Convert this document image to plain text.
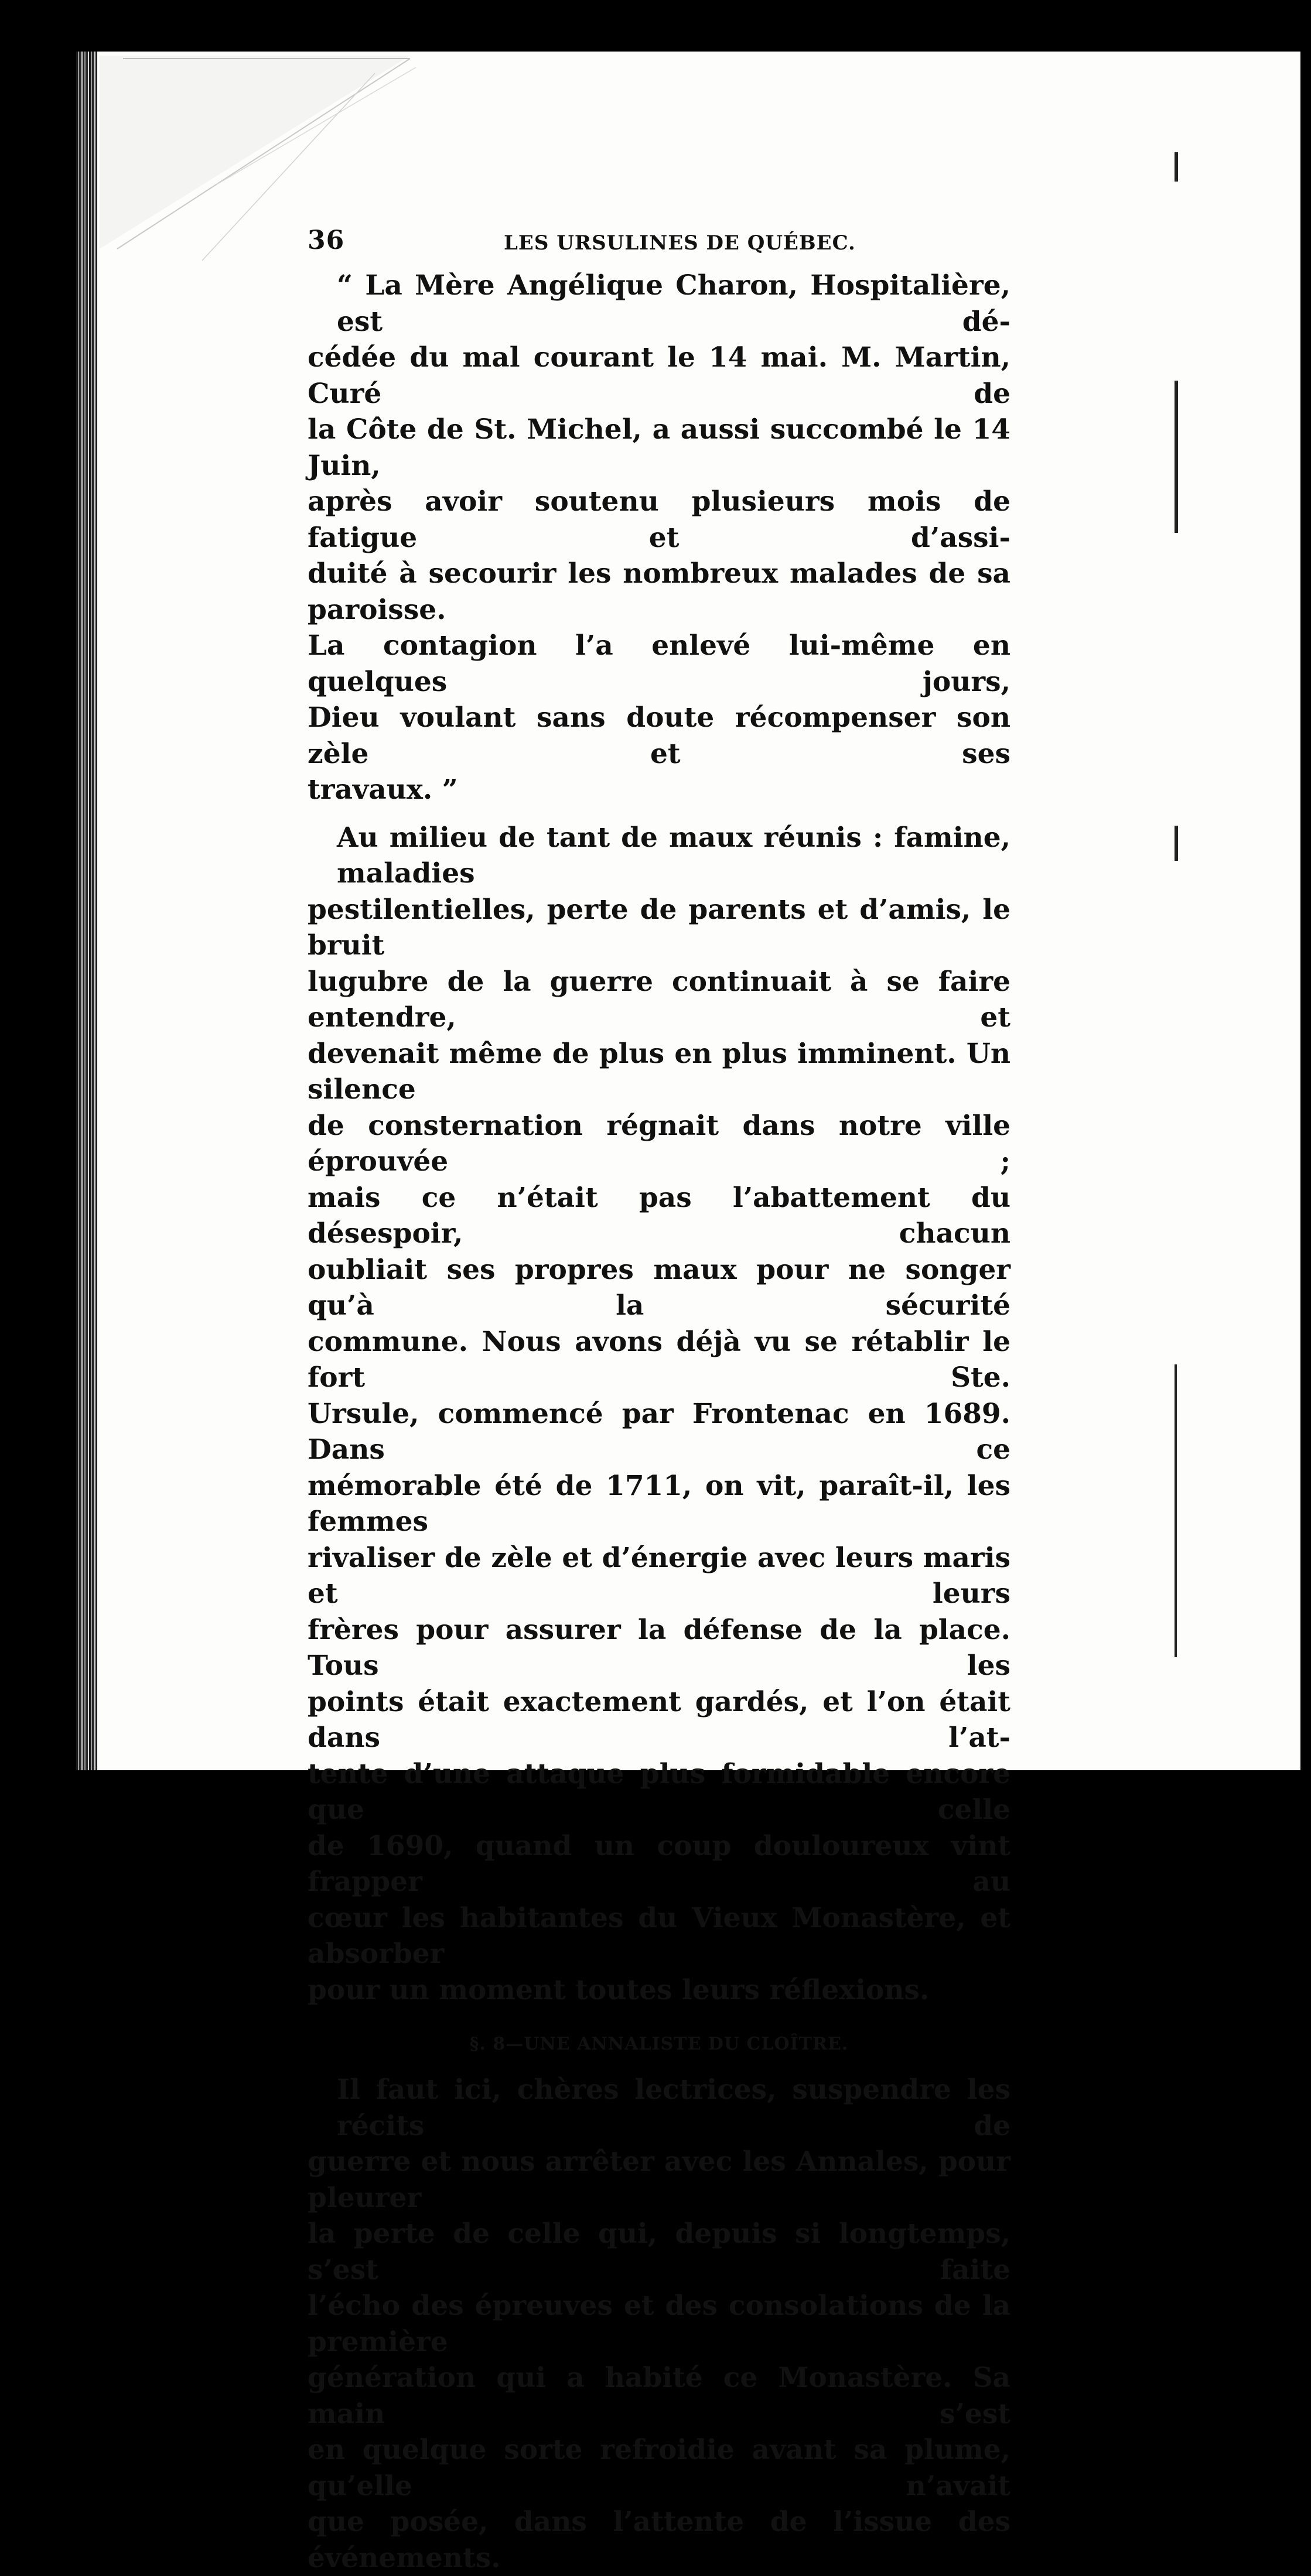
36	LES URSULINES DE QUÉBEC.

“ La Mère Angélique Charon, Hospitalière, est dé-
cédée du mal courant le 14 mai. M. Martin, Curé de
la Côte de St. Michel, a aussi succombé le 14 Juin,
après avoir soutenu plusieurs mois de fatigue et d’assi-
duité à secourir les nombreux malades de sa paroisse.
La contagion l’a enlevé lui-même en quelques jours,
Dieu voulant sans doute récompenser son zèle et ses
travaux. ”

Au milieu de tant de maux réunis : famine, maladies
pestilentielles, perte de parents et d’amis, le bruit
lugubre de la guerre continuait à se faire entendre, et
devenait même de plus en plus imminent. Un silence
de consternation régnait dans notre ville éprouvée ;
mais ce n’était pas l’abattement du désespoir, chacun
oubliait ses propres maux pour ne songer qu’à la sécurité
commune. Nous avons déjà vu se rétablir le fort Ste.
Ursule, commencé par Frontenac en 1689. Dans ce
mémorable été de 1711, on vit, paraît-il, les femmes
rivaliser de zèle et d’énergie avec leurs maris et leurs
frères pour assurer la défense de la place. Tous les
points était exactement gardés, et l’on était dans l’at-
tente d’une attaque plus formidable encore que celle
de 1690, quand un coup douloureux vint frapper au
cœur les habitantes du Vieux Monastère, et absorber
pour un moment toutes leurs réflexions.

§. 8—UNE ANNALISTE DU CLOÎTRE.

Il faut ici, chères lectrices, suspendre les récits de
guerre et nous arrêter avec les Annales, pour pleurer
la perte de celle qui, depuis si longtemps, s’est faite
l’écho des épreuves et des consolations de la première
génération qui a habité ce Monastère. Sa main s’est
en quelque sorte refroidie avant sa plume, qu’elle n’avait
que posée, dans l’attente de l’issue des événements.
